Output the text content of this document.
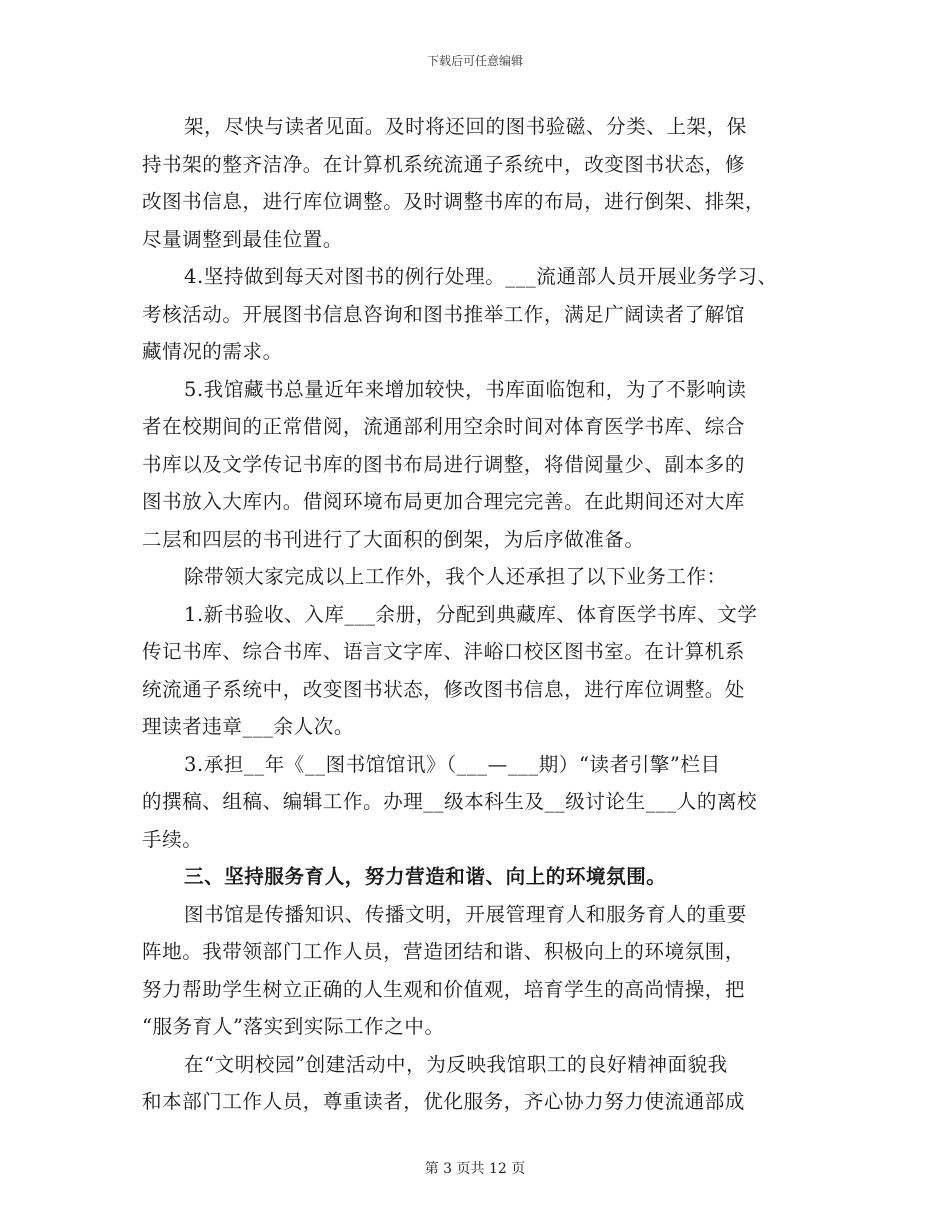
下载后可任意编辑
架，尽快与读者见面。及时将还回的图书验磁、分类、上架，保
持书架的整齐洁净。在计算机系统流通子系统中，改变图书状态，修
改图书信息，进行库位调整。及时调整书库的布局，进行倒架、排架，
尽量调整到最佳位置。
4.坚持做到每天对图书的例行处理。___流通部人员开展业务学习、
考核活动。开展图书信息咨询和图书推举工作，满足广阔读者了解馆
藏情况的需求。
5.我馆藏书总量近年来增加较快，书库面临饱和，为了不影响读
者在校期间的正常借阅，流通部利用空余时间对体育医学书库、综合
书库以及文学传记书库的图书布局进行调整，将借阅量少、副本多的
图书放入大库内。借阅环境布局更加合理完完善。在此期间还对大库
二层和四层的书刊进行了大面积的倒架，为后序做准备。
除带领大家完成以上工作外，我个人还承担了以下业务工作：
1.新书验收、入库___余册，分配到典藏库、体育医学书库、文学
传记书库、综合书库、语言文字库、沣峪口校区图书室。在计算机系
统流通子系统中，改变图书状态，修改图书信息，进行库位调整。处
理读者违章___余人次。
3.承担__年《__图书馆馆讯》（___—___期）“读者引擎”栏目
的撰稿、组稿、编辑工作。办理__级本科生及__级讨论生___人的离校
手续。
三、坚持服务育人，努力营造和谐、向上的环境氛围。
图书馆是传播知识、传播文明，开展管理育人和服务育人的重要
阵地。我带领部门工作人员，营造团结和谐、积极向上的环境氛围，
努力帮助学生树立正确的人生观和价值观，培育学生的高尚情操，把
“服务育人”落实到实际工作之中。
在“文明校园”创建活动中，为反映我馆职工的良好精神面貌我
和本部门工作人员，尊重读者，优化服务，齐心协力努力使流通部成
第 3 页共 12 页
